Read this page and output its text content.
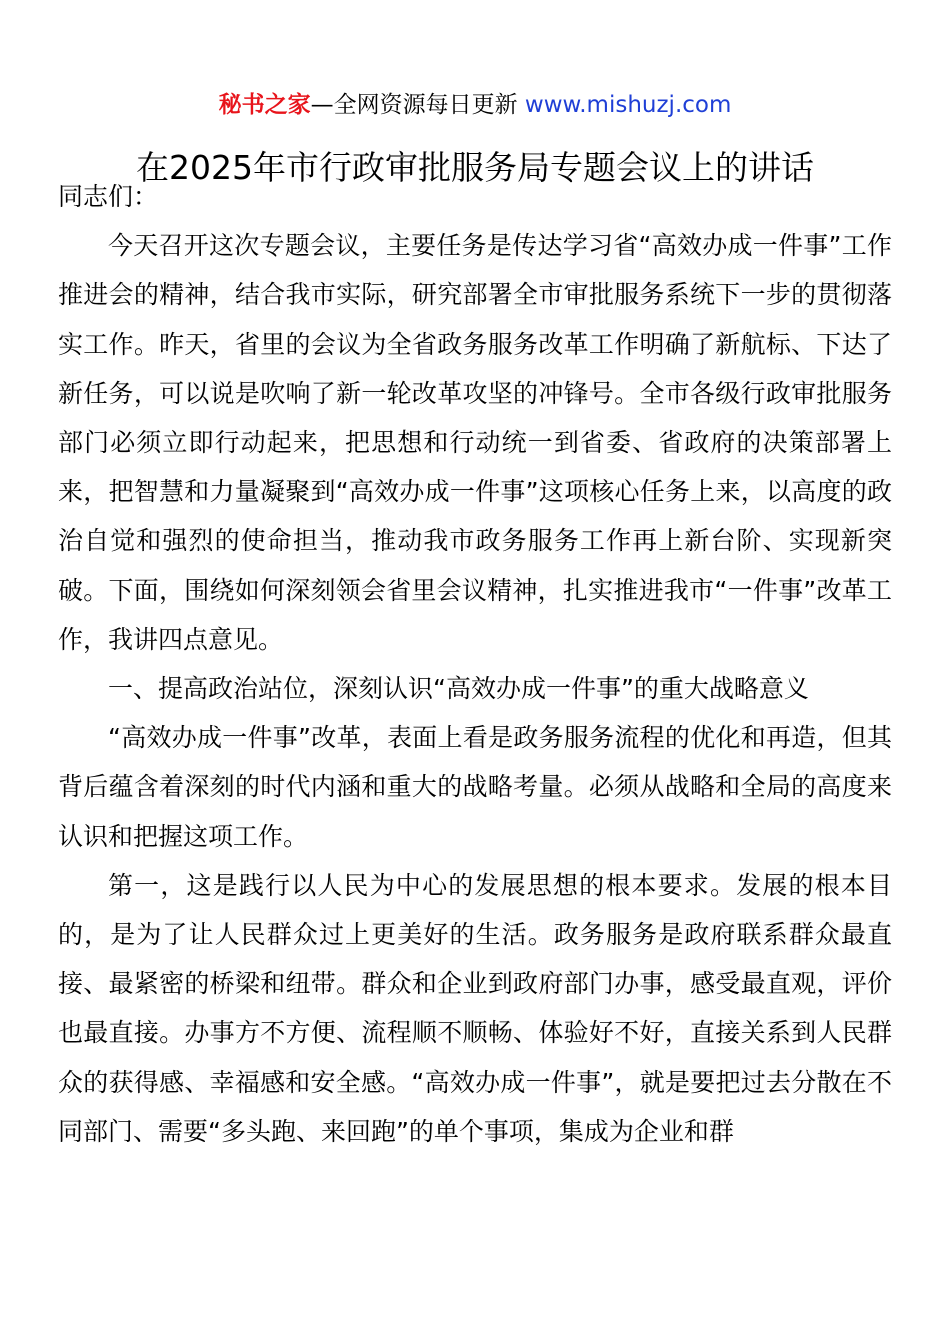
秘书之家—全网资源每日更新 www.mishuzj.com
在2025年市行政审批服务局专题会议上的讲话

同志们：

今天召开这次专题会议，主要任务是传达学习省“高效办成一件事”工作推进会的精神，结合我市实际，研究部署全市审批服务系统下一步的贯彻落实工作。昨天，省里的会议为全省政务服务改革工作明确了新航标、下达了新任务，可以说是吹响了新一轮改革攻坚的冲锋号。全市各级行政审批服务部门必须立即行动起来，把思想和行动统一到省委、省政府的决策部署上来，把智慧和力量凝聚到“高效办成一件事”这项核心任务上来，以高度的政治自觉和强烈的使命担当，推动我市政务服务工作再上新台阶、实现新突破。下面，围绕如何深刻领会省里会议精神，扎实推进我市“一件事”改革工作，我讲四点意见。

一、提高政治站位，深刻认识“高效办成一件事”的重大战略意义

“高效办成一件事”改革，表面上看是政务服务流程的优化和再造，但其背后蕴含着深刻的时代内涵和重大的战略考量。必须从战略和全局的高度来认识和把握这项工作。

第一，这是践行以人民为中心的发展思想的根本要求。发展的根本目的，是为了让人民群众过上更美好的生活。政务服务是政府联系群众最直接、最紧密的桥梁和纽带。群众和企业到政府部门办事，感受最直观，评价也最直接。办事方不方便、流程顺不顺畅、体验好不好，直接关系到人民群众的获得感、幸福感和安全感。“高效办成一件事”，就是要把过去分散在不同部门、需要“多头跑、来回跑”的单个事项，集成为企业和群
